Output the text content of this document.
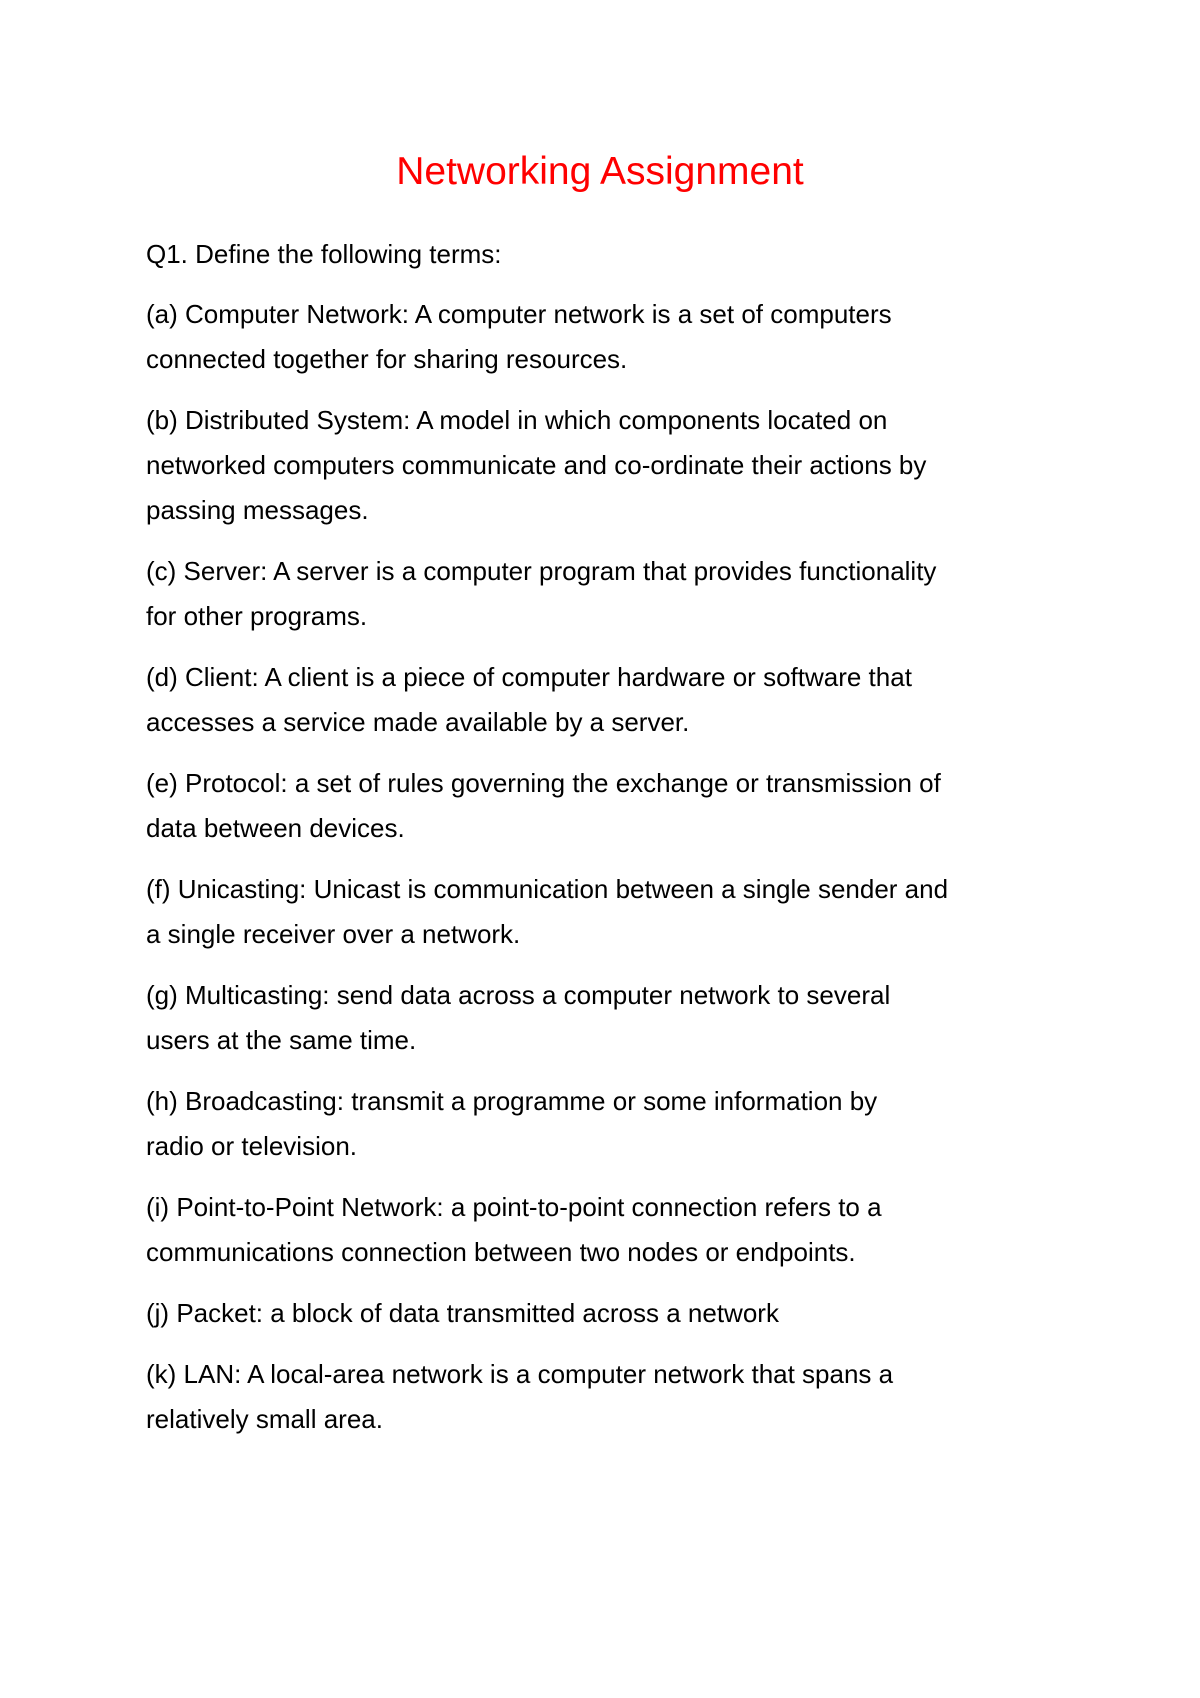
Networking Assignment

Q1. Define the following terms:

(a) Computer Network: A computer network is a set of computers
connected together for sharing resources.
(b) Distributed System: A model in which components located on
networked computers communicate and co-ordinate their actions by
passing messages.
(c) Server: A server is a computer program that provides functionality
for other programs.
(d) Client: A client is a piece of computer hardware or software that
accesses a service made available by a server.
(e) Protocol: a set of rules governing the exchange or transmission of
data between devices.
(f) Unicasting: Unicast is communication between a single sender and
a single receiver over a network.
(g) Multicasting: send data across a computer network to several
users at the same time.
(h) Broadcasting: transmit a programme or some information by
radio or television.
(i) Point-to-Point Network: a point-to-point connection refers to a
communications connection between two nodes or endpoints.
(j) Packet: a block of data transmitted across a network
(k) LAN: A local-area network is a computer network that spans a
relatively small area.
